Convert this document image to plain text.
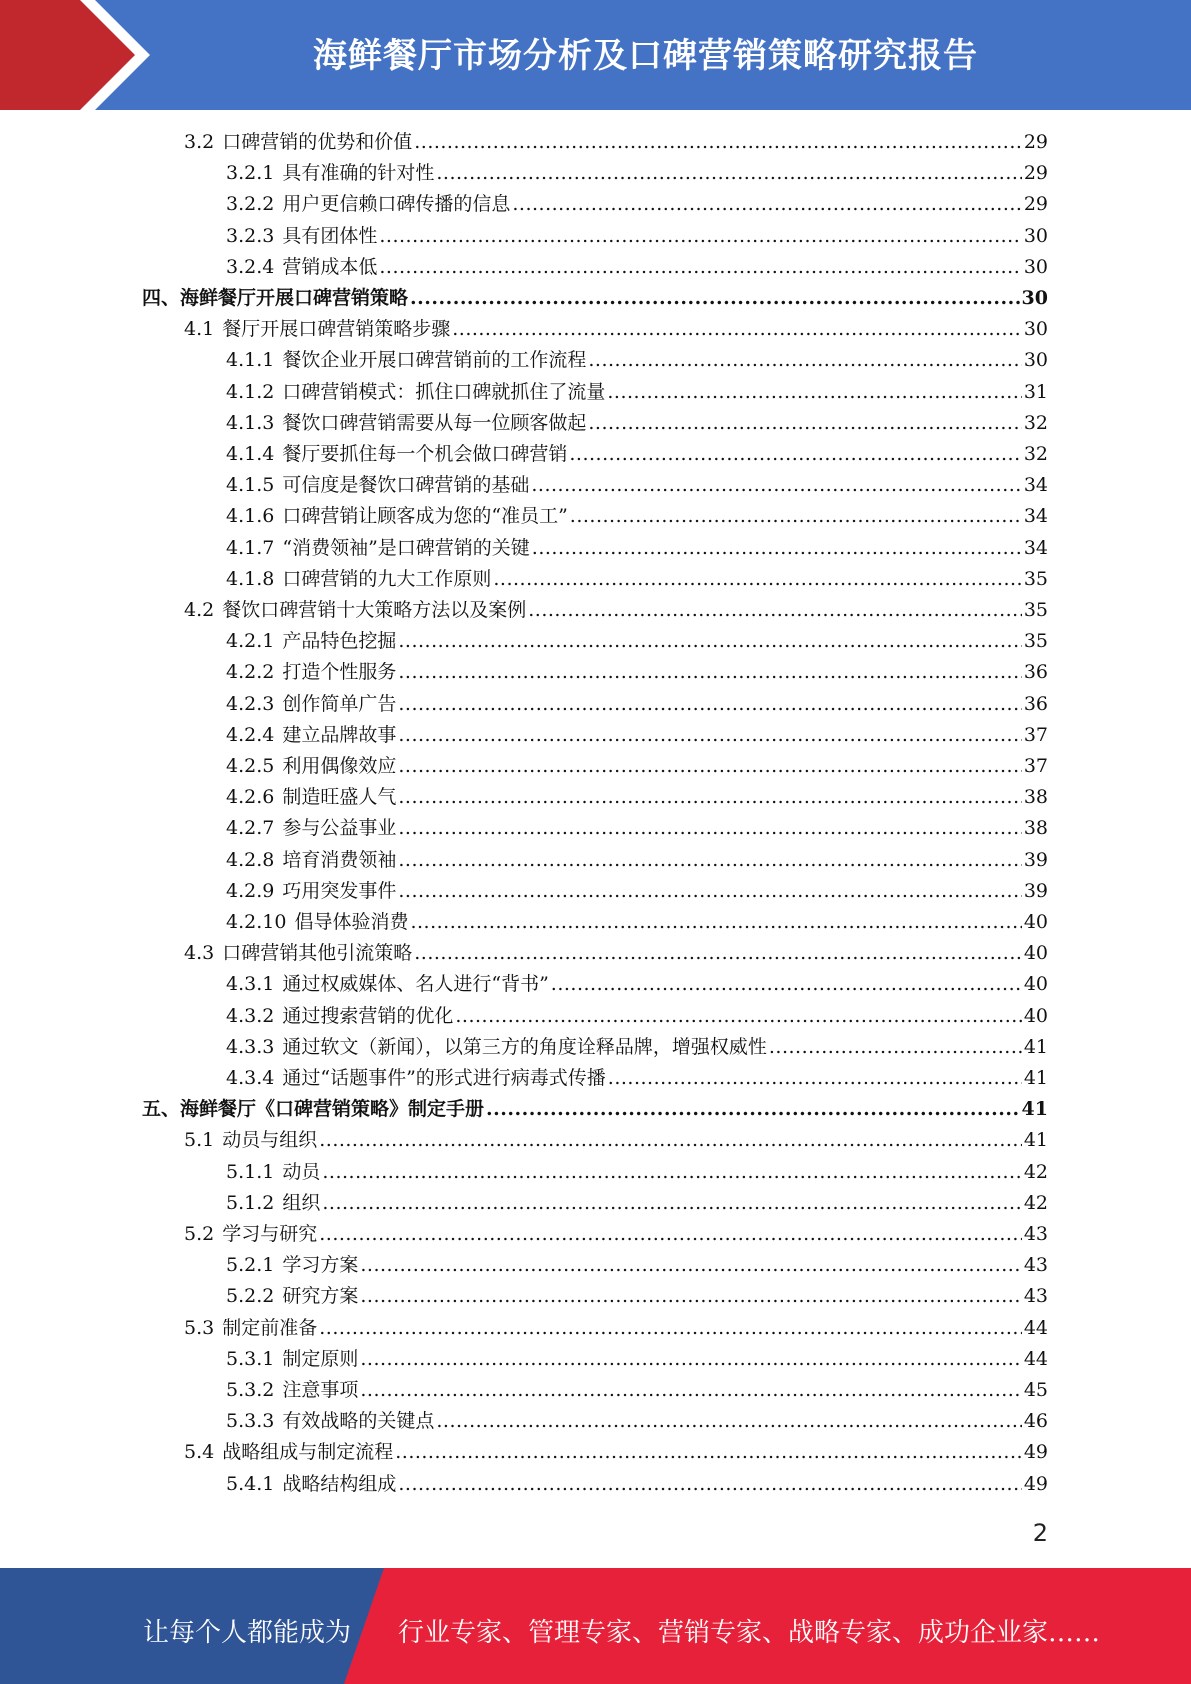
海鲜餐厅市场分析及口碑营销策略研究报告
3.2 口碑营销的优势和价值 .....	29
3.2.1 具有准确的针对性 .....	29
3.2.2 用户更信赖口碑传播的信息 .....	29
3.2.3 具有团体性 .....	30
3.2.4 营销成本低 .....	30
四、海鲜餐厅开展口碑营销策略 .....	30
4.1 餐厅开展口碑营销策略步骤 .....	30
4.1.1 餐饮企业开展口碑营销前的工作流程 .....	30
4.1.2 口碑营销模式：抓住口碑就抓住了流量 .....	31
4.1.3 餐饮口碑营销需要从每一位顾客做起 .....	32
4.1.4 餐厅要抓住每一个机会做口碑营销 .....	32
4.1.5 可信度是餐饮口碑营销的基础 .....	34
4.1.6 口碑营销让顾客成为您的“准员工” .....	34
4.1.7 “消费领袖”是口碑营销的关键 .....	34
4.1.8 口碑营销的九大工作原则 .....	35
4.2 餐饮口碑营销十大策略方法以及案例 .....	35
4.2.1 产品特色挖掘 .....	35
4.2.2 打造个性服务 .....	36
4.2.3 创作简单广告 .....	36
4.2.4 建立品牌故事 .....	37
4.2.5 利用偶像效应 .....	37
4.2.6 制造旺盛人气 .....	38
4.2.7 参与公益事业 .....	38
4.2.8 培育消费领袖 .....	39
4.2.9 巧用突发事件 .....	39
4.2.10 倡导体验消费 .....	40
4.3 口碑营销其他引流策略 .....	40
4.3.1 通过权威媒体、名人进行“背书” .....	40
4.3.2 通过搜索营销的优化 .....	40
4.3.3 通过软文（新闻），以第三方的角度诠释品牌，增强权威性 .....	41
4.3.4 通过“话题事件”的形式进行病毒式传播 .....	41
五、海鲜餐厅《口碑营销策略》制定手册 .....	41
5.1 动员与组织 .....	41
5.1.1 动员 .....	42
5.1.2 组织 .....	42
5.2 学习与研究 .....	43
5.2.1 学习方案 .....	43
5.2.2 研究方案 .....	43
5.3 制定前准备 .....	44
5.3.1 制定原则 .....	44
5.3.2 注意事项 .....	45
5.3.3 有效战略的关键点 .....	46
5.4 战略组成与制定流程 .....	49
5.4.1 战略结构组成 .....	49
2
让每个人都能成为 行业专家、管理专家、营销专家、战略专家、成功企业家……
